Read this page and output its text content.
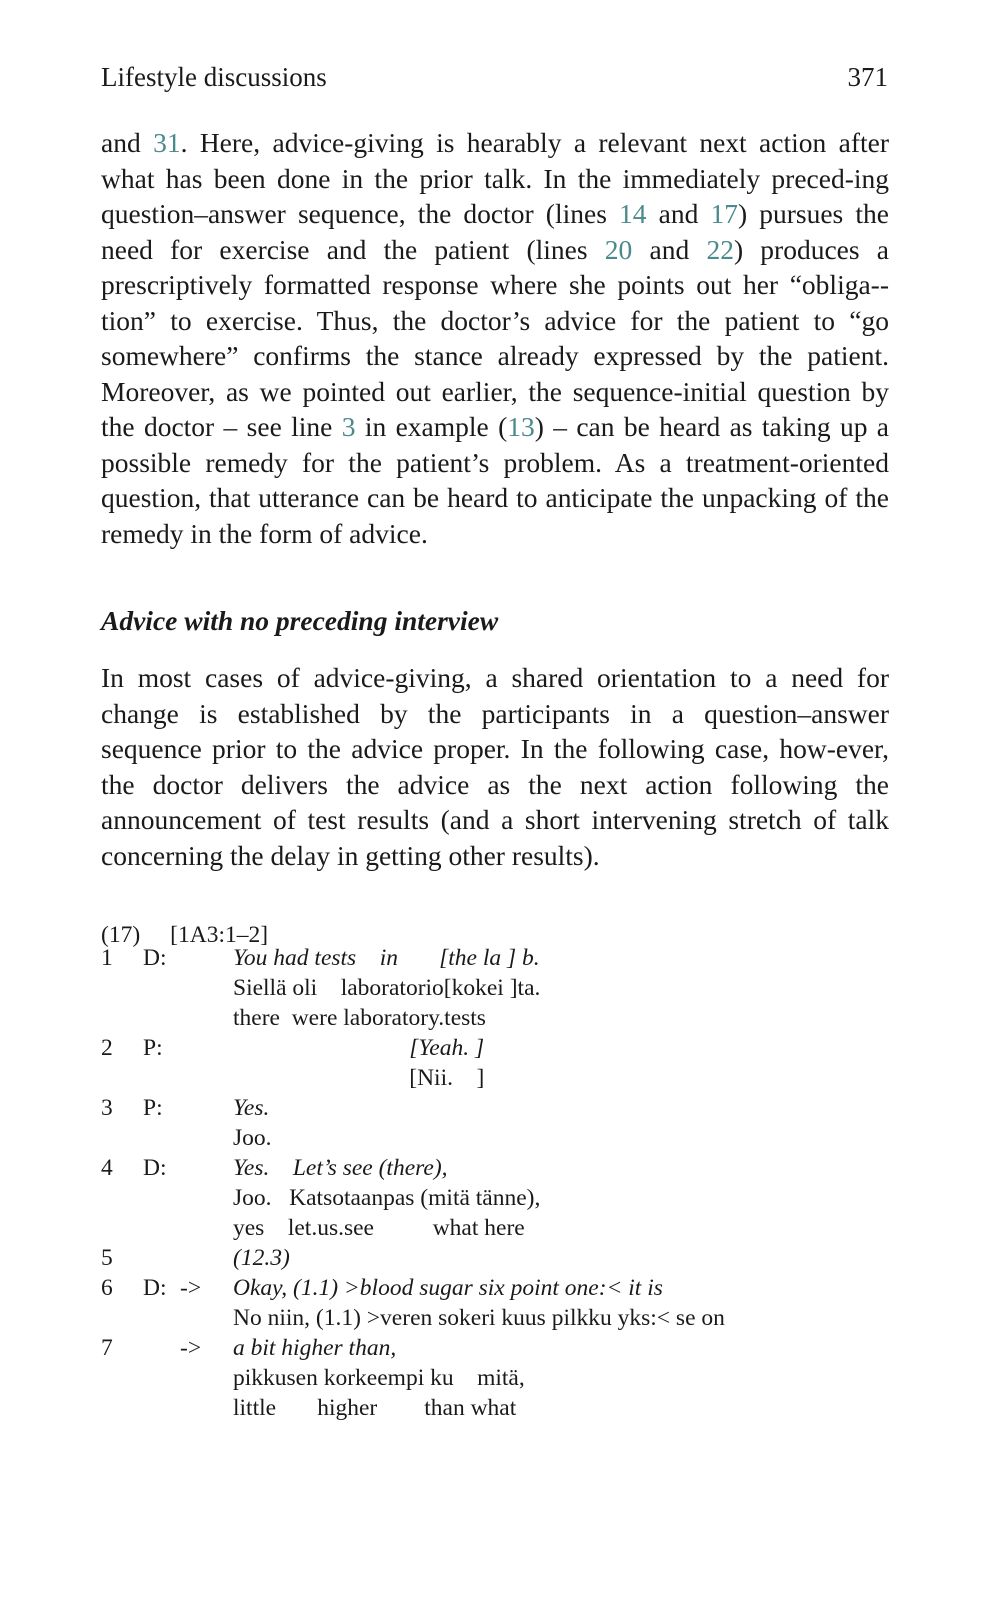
Lifestyle discussions	371

and 31. Here, advice-giving is hearably a relevant next action after what has been done in the prior talk. In the immediately preced-ing question–answer sequence, the doctor (lines 14 and 17) pursues the need for exercise and the patient (lines 20 and 22) produces a prescriptively formatted response where she points out her “obliga-tion” to exercise. Thus, the doctor’s advice for the patient to “go somewhere” confirms the stance already expressed by the patient. Moreover, as we pointed out earlier, the sequence-initial question by the doctor – see line 3 in example (13) – can be heard as taking up a possible remedy for the patient’s problem. As a treatment-oriented question, that utterance can be heard to anticipate the unpacking of the remedy in the form of advice.

Advice with no preceding interview

In most cases of advice-giving, a shared orientation to a need for change is established by the participants in a question–answer sequence prior to the advice proper. In the following case, how-ever, the doctor delivers the advice as the next action following the announcement of test results (and a short intervening stretch of talk concerning the delay in getting other results).

(17) [1A3:1–2]
1 D:	You had tests    in       [the la ] b.
Siellä oli    laboratorio[kokei ]ta.
there  were laboratory.tests
2 P:	[Yeah. ]
[Nii.    ]
3 P:	Yes.
Joo.
4 D:	Yes.    Let’s see (there),
Joo.   Katsotaanpas (mitä tänne),
yes    let.us.see          what here
5	(12.3)
6 D: -> Okay, (1.1) >blood sugar six point one:< it is
No niin, (1.1) >veren sokeri kuus pilkku yks:< se on
7	-> a bit higher than,
pikkusen korkeempi ku    mitä,
little       higher        than what
